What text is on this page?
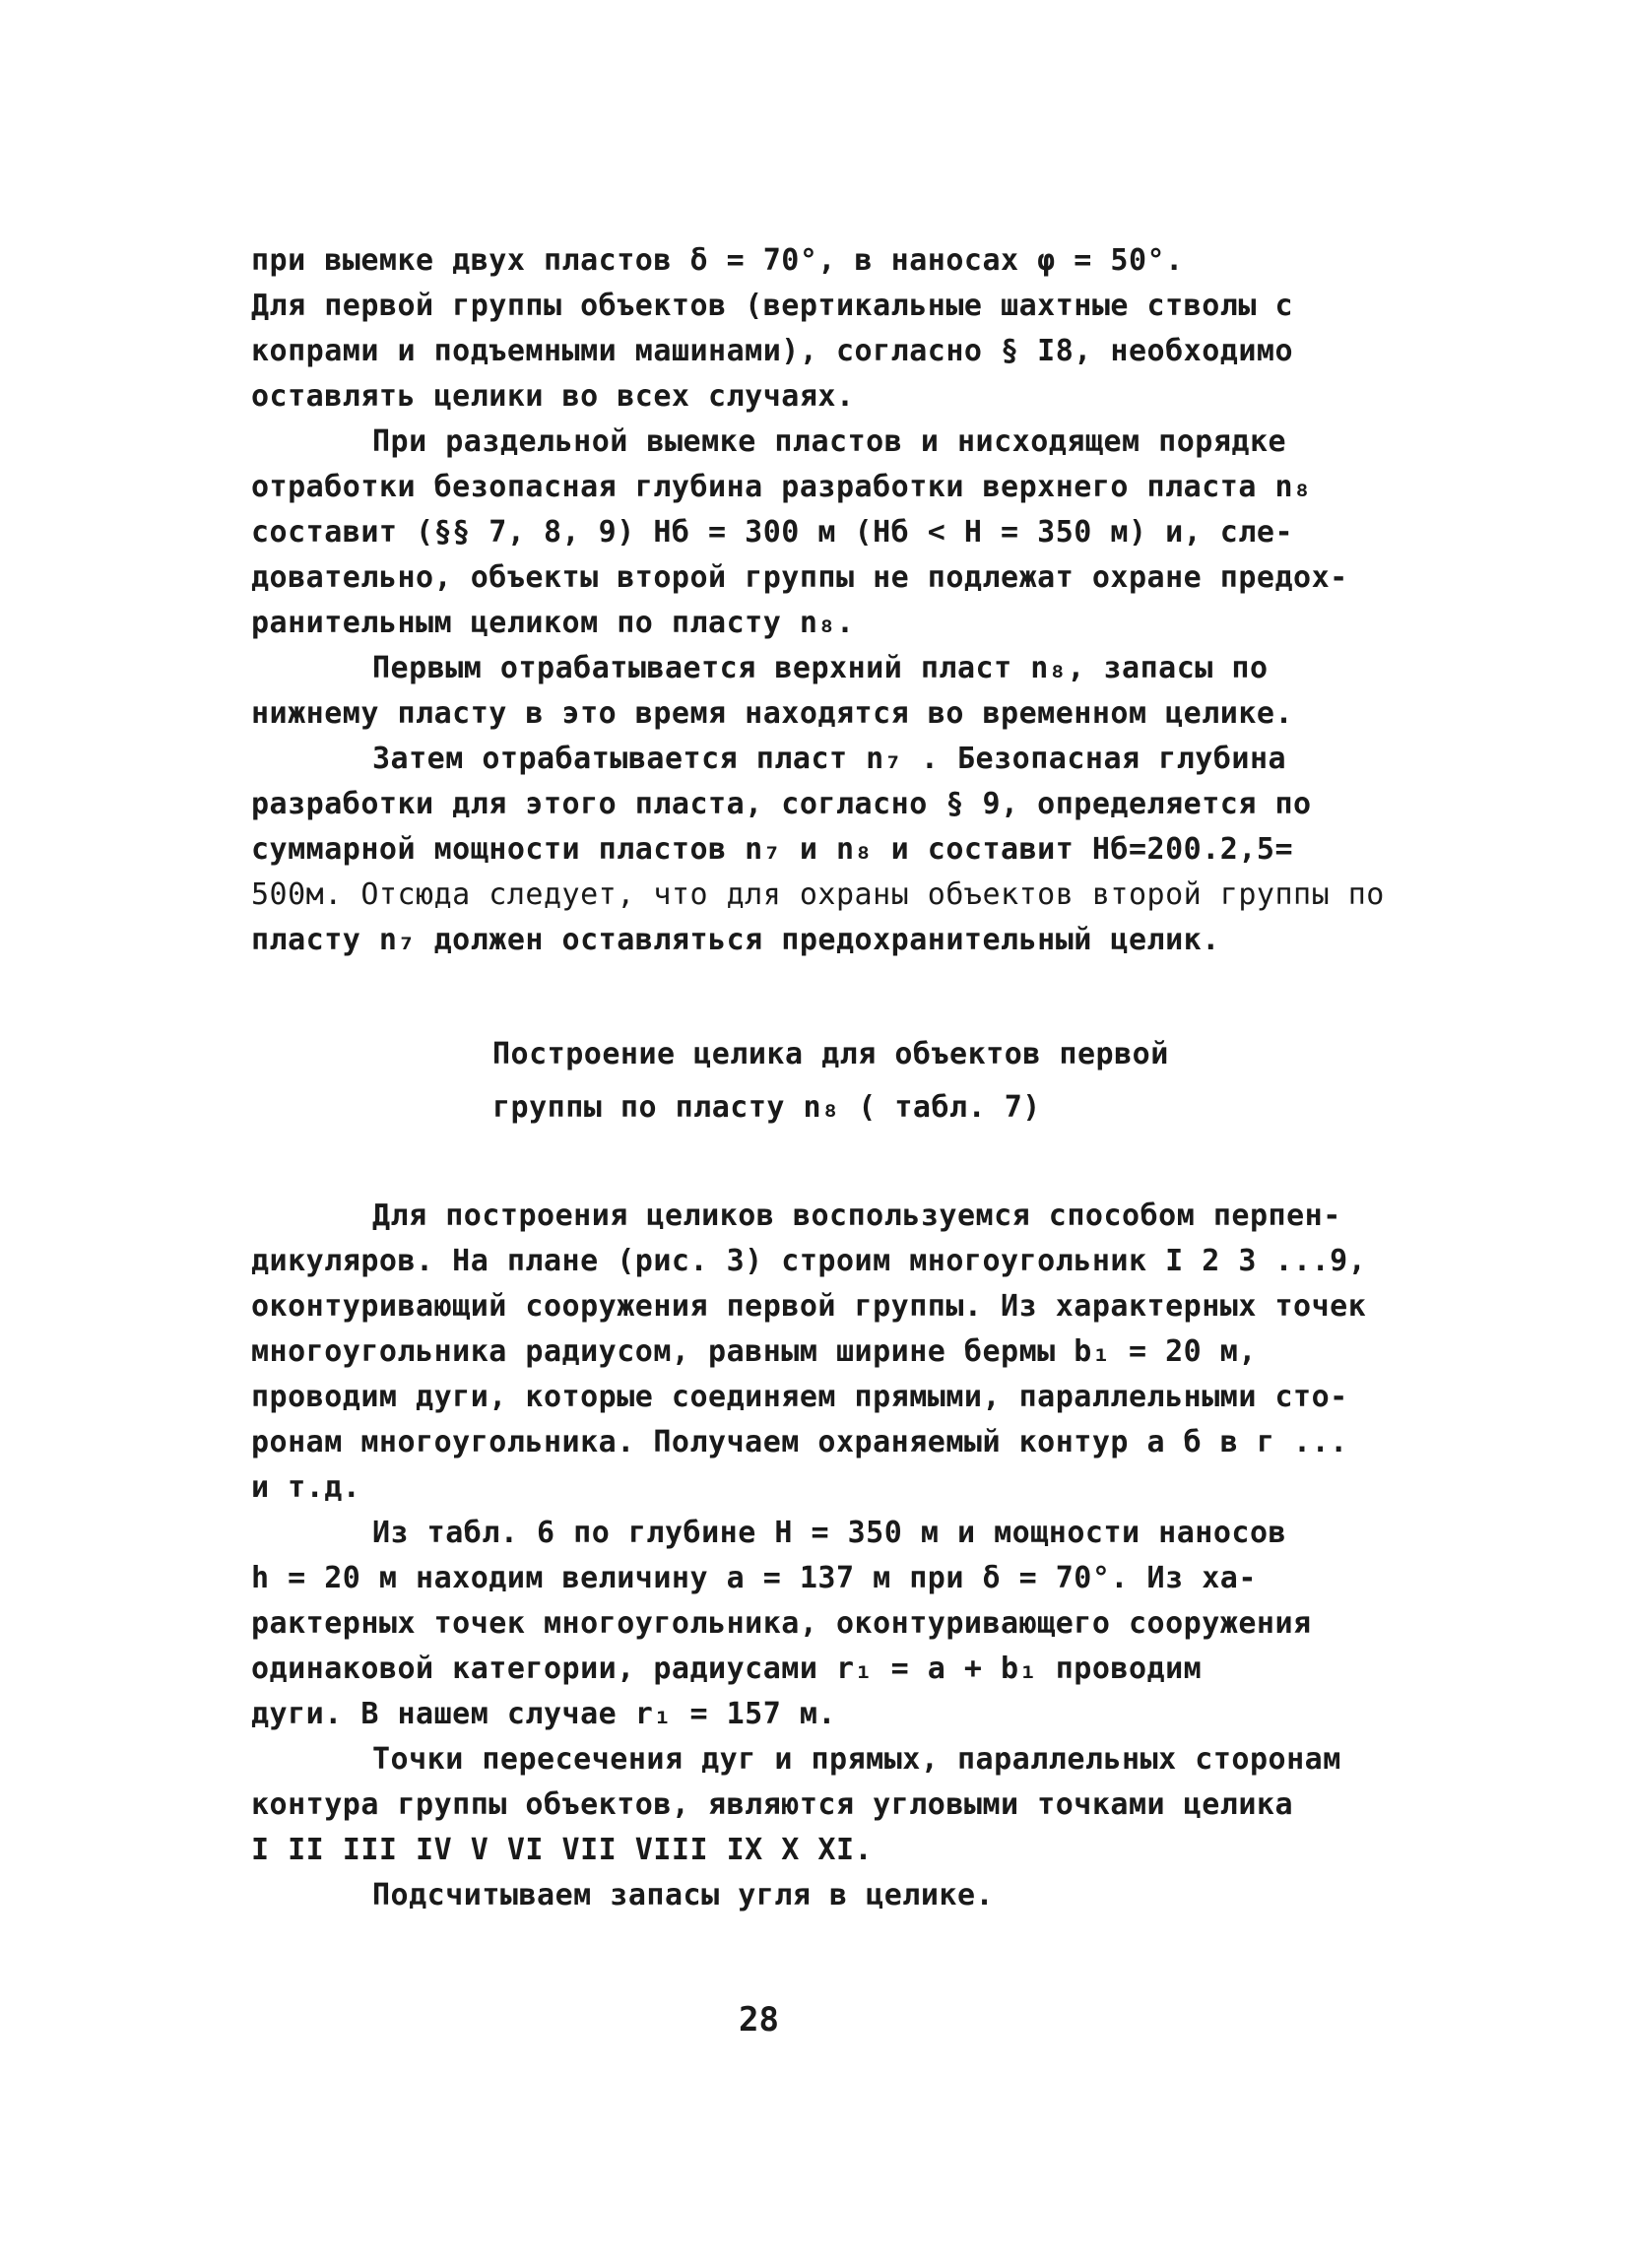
при выемке двух пластов δ = 70°, в наносах φ = 50°.
Для первой группы объектов (вертикальные шахтные стволы с
копрами и подъемными машинами), согласно § I8, необходимо
оставлять целики во всех случаях.
При раздельной выемке пластов и нисходящем порядке
отработки безопасная глубина разработки верхнего пласта n₈
составит (§§ 7, 8, 9) Hб = 300 м (Hб < H = 350 м) и, сле-
довательно, объекты второй группы не подлежат охране предох-
ранительным целиком по пласту n₈.
Первым отрабатывается верхний пласт n₈, запасы по
нижнему пласту в это время находятся во временном целике.
Затем отрабатывается пласт n₇ . Безопасная глубина
разработки для этого пласта, согласно § 9, определяется по
суммарной мощности пластов n₇ и n₈ и составит Hб=200.2,5=
500м. Отсюда следует, что для охраны объектов второй группы по
пласту n₇ должен оставляться предохранительный целик.
Построение целика для объектов первой
группы по пласту n₈ ( табл. 7)
Для построения целиков воспользуемся способом перпен-
дикуляров. На плане (рис. 3) строим многоугольник I 2 3 ...9,
оконтуривающий сооружения первой группы. Из характерных точек
многоугольника радиусом, равным ширине бермы b₁ = 20 м,
проводим дуги, которые соединяем прямыми, параллельными сто-
ронам многоугольника. Получаем охраняемый контур а б в г ...
и т.д.
Из табл. 6 по глубине H = 350 м и мощности наносов
h = 20 м находим величину a = 137 м при δ = 70°. Из ха-
рактерных точек многоугольника, оконтуривающего сооружения
одинаковой категории, радиусами r₁ = a + b₁ проводим
дуги. В нашем случае r₁ = 157 м.
Точки пересечения дуг и прямых, параллельных сторонам
контура группы объектов, являются угловыми точками целика
I II III IV V VI VII VIII IX X XI.
Подсчитываем запасы угля в целике.
28
